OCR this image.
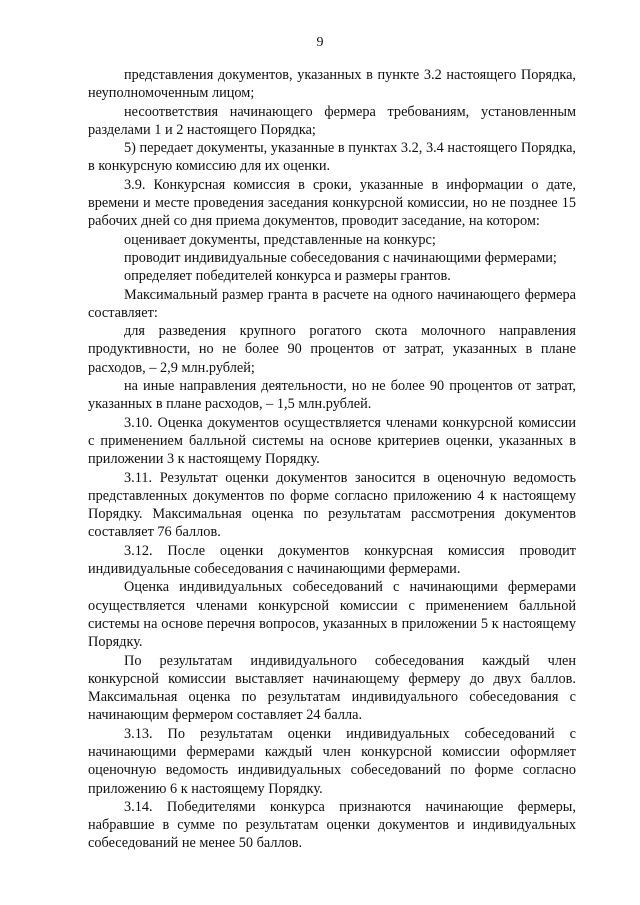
9

представления документов, указанных в пункте 3.2 настоящего Порядка, неуполномоченным лицом;

несоответствия начинающего фермера требованиям, установленным разделами 1 и 2 настоящего Порядка;

5) передает документы, указанные в пунктах 3.2, 3.4 настоящего Порядка, в конкурсную комиссию для их оценки.

3.9. Конкурсная комиссия в сроки, указанные в информации о дате, времени и месте проведения заседания конкурсной комиссии, но не позднее 15 рабочих дней со дня приема документов, проводит заседание, на котором:

оценивает документы, представленные на конкурс;

проводит индивидуальные собеседования с начинающими фермерами;

определяет победителей конкурса и размеры грантов.

Максимальный размер гранта в расчете на одного начинающего фермера составляет:

для разведения крупного рогатого скота молочного направления продуктивности, но не более 90 процентов от затрат, указанных в плане расходов, – 2,9 млн.рублей;

на иные направления деятельности, но не более 90 процентов от затрат, указанных в плане расходов, – 1,5 млн.рублей.

3.10. Оценка документов осуществляется членами конкурсной комиссии с применением балльной системы на основе критериев оценки, указанных в приложении 3 к настоящему Порядку.

3.11. Результат оценки документов заносится в оценочную ведомость представленных документов по форме согласно приложению 4 к настоящему Порядку. Максимальная оценка по результатам рассмотрения документов составляет 76 баллов.

3.12. После оценки документов конкурсная комиссия проводит индивидуальные собеседования с начинающими фермерами.

Оценка индивидуальных собеседований с начинающими фермерами осуществляется членами конкурсной комиссии с применением балльной системы на основе перечня вопросов, указанных в приложении 5 к настоящему Порядку.

По результатам индивидуального собеседования каждый член конкурсной комиссии выставляет начинающему фермеру до двух баллов. Максимальная оценка по результатам индивидуального собеседования с начинающим фермером составляет 24 балла.

3.13. По результатам оценки индивидуальных собеседований с начинающими фермерами каждый член конкурсной комиссии оформляет оценочную ведомость индивидуальных собеседований по форме согласно приложению 6 к настоящему Порядку.

3.14. Победителями конкурса признаются начинающие фермеры, набравшие в сумме по результатам оценки документов и индивидуальных собеседований не менее 50 баллов.
